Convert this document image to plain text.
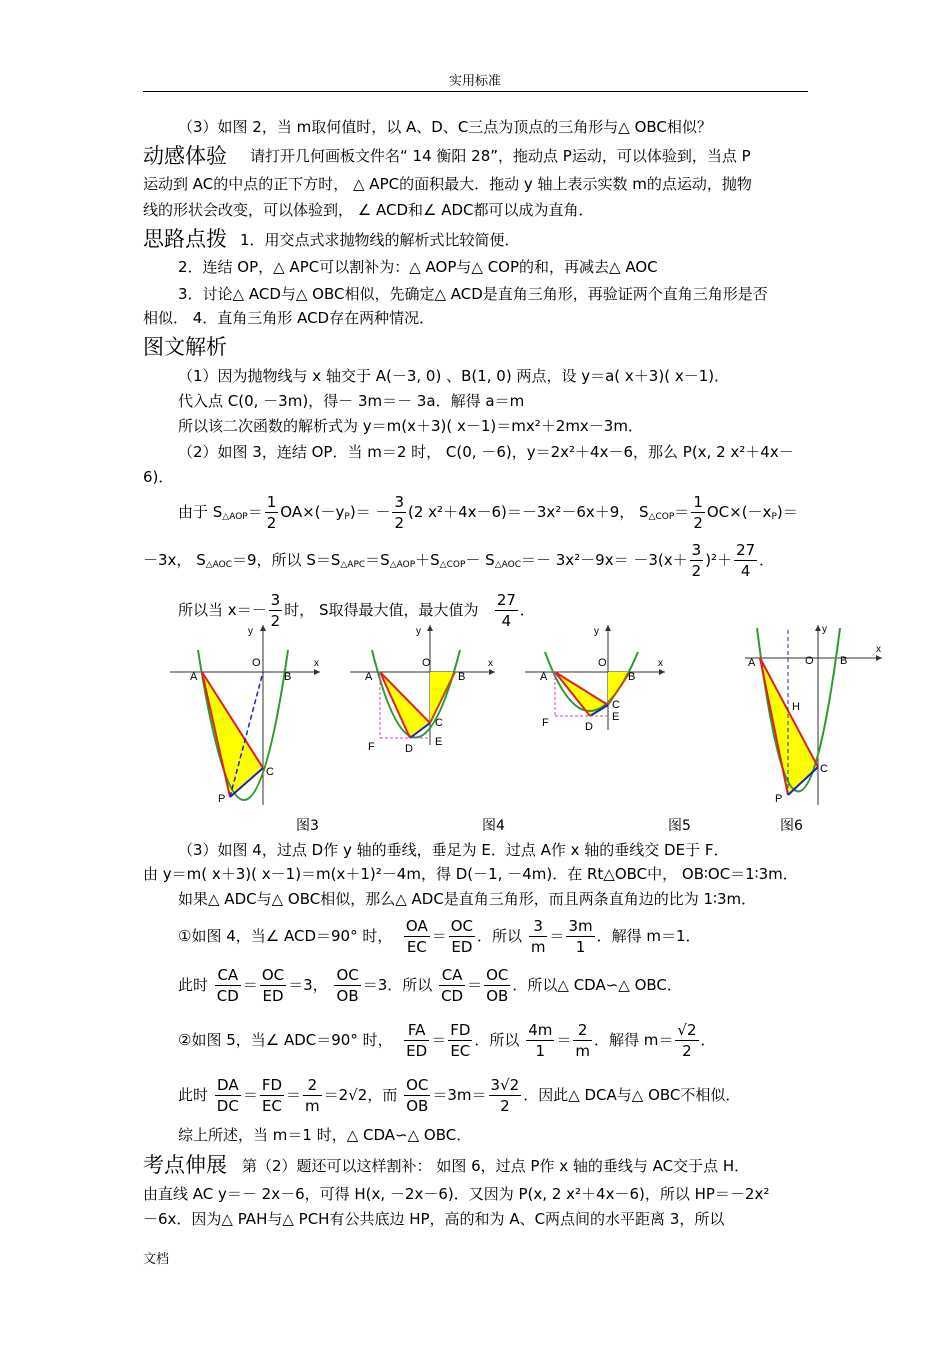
实用标准
（3）如图 2，当 m取何值时，以 A、D、C三点为顶点的三角形与△ OBC相似？
动感体验 请打开几何画板文件名“ 14 衡阳 28”，拖动点 P运动，可以体验到，当点 P
运动到 AC的中点的正下方时， △ APC的面积最大．拖动 y 轴上表示实数 m的点运动，抛物
线的形状会改变，可以体验到， ∠ ACD和∠ ADC都可以成为直角．
思路点拨 1．用交点式求抛物线的解析式比较简便．
2．连结 OP，△ APC可以割补为：△ AOP与△ COP的和，再减去△ AOC
3．讨论△ ACD与△ OBC相似，先确定△ ACD是直角三角形，再验证两个直角三角形是否
相似． 4．直角三角形 ACD存在两种情况．
图文解析
（1）因为抛物线与 x 轴交于 A(－3, 0) 、B(1, 0) 两点，设 y＝a( x＋3)( x－1)．
代入点 C(0, －3m)，得－ 3m＝－ 3a．解得 a＝m
所以该二次函数的解析式为 y＝m(x＋3)( x－1)＝mx²＋2mx－3m．
（2）如图 3，连结 OP．当 m＝2 时， C(0, －6)，y＝2x²＋4x－6，那么 P(x, 2 x²＋4x－
6)．
由于 $S_{\triangle AOP}= \frac{1}{2} OA\times(-y_P)= - \frac{3}{2} (2$ x²＋4x－6)＝－3x²－6x＋9， $S_{\triangle COP}= \frac{1}{2} OC\times(-x_P)=$
－3x， $S_{\triangle AOC}=9$，所以 $S=S_{\triangle APC}=S_{\triangle AOP}+S_{\triangle COP}- S_{\triangle AOC}=- 3x^2-9x= -3(x+ \frac{3}{2} )^2+ \frac{27}{4}$ ．
所以当 $x=- \frac{3}{2}$ 时， S取得最大值，最大值为 $\frac{27}{4}$ ．
y
O	x
A	B
C
P
y
O	x
A	B
C
D
E
F
y
O	x
A	B
C
D
E
F
y
O
x
A	B
C
H
P
图3	图4	图5	图6
（3）如图 4，过点 D作 y 轴的垂线，垂足为 E．过点 A作 x 轴的垂线交 DE于 F．
由 y＝m( x＋3)( x－1)＝m(x＋1)²－4m，得 D(－1, －4m)．在 Rt△OBC中， OB∶OC＝1∶3m．
如果△ ADC与△ OBC相似，那么△ ADC是直角三角形，而且两条直角边的比为 1∶3m．
①如图 4，当∠ ACD＝90° 时， $\frac{OA}{EC} = \frac{OC}{ED}$ ．所以 $\frac{3}{m} = \frac{3m}{1}$ ．解得 m＝1．
此时 $\frac{CA}{CD} = \frac{OC}{ED} =3$， $\frac{OC}{OB} =3$．所以 $\frac{CA}{CD} = \frac{OC}{OB}$ ．所以△ CDA∽△ OBC．
②如图 5，当∠ ADC＝90° 时， $\frac{FA}{ED} = \frac{FD}{EC}$ ．所以 $\frac{4m}{1} = \frac{2}{m}$ ．解得 $m= \frac{√2}{2}$ ．
此时 $\frac{DA}{DC} = \frac{FD}{EC} = \frac{2}{m} =2√2$，而 $\frac{OC}{OB} =3m= \frac{3√2}{2}$ ．因此△ DCA与△ OBC不相似．
综上所述，当 m＝1 时，△ CDA∽△ OBC．
考点伸展 第（2）题还可以这样割补： 如图 6，过点 P作 x 轴的垂线与 AC交于点 H．
由直线 AC y＝－ 2x－6，可得 H(x, －2x－6)．又因为 P(x, 2 x²＋4x－6)，所以 HP＝－2x²
－6x．因为△ PAH与△ PCH有公共底边 HP，高的和为 A、C两点间的水平距离 3，所以
文档
